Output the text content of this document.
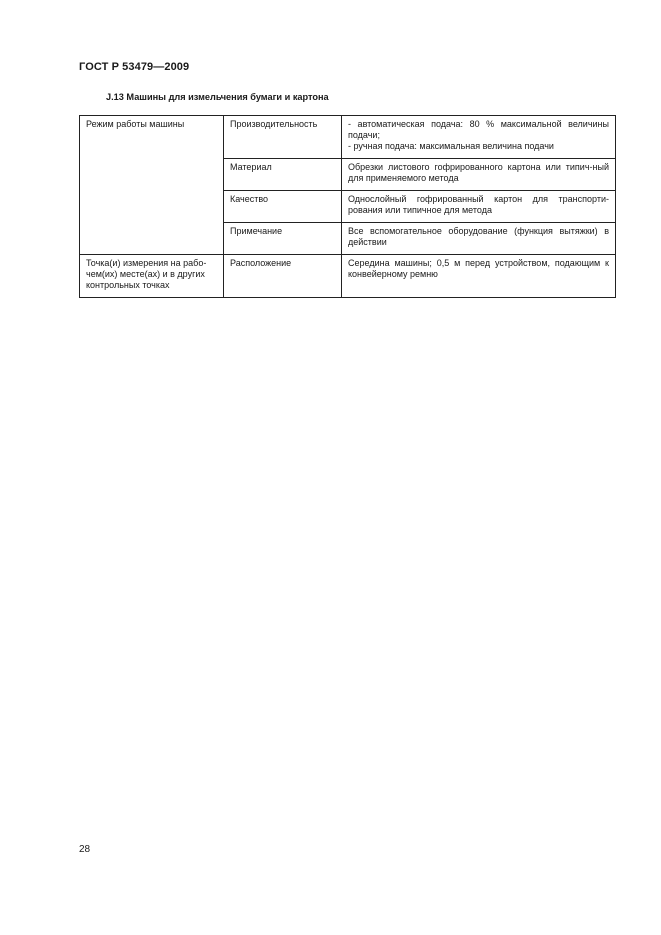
ГОСТ Р 53479—2009
J.13 Машины для измельчения бумаги и картона
Режим работы машины	Производительность	- автоматическая подача: 80 % максимальной величины подачи;
- ручная подача: максимальная величина подачи

	Материал	Обрезки листового гофрированного картона или типич-ный для применяемого метода
	Качество	Однослойный гофрированный картон для транспорти-рования или типичное для метода
	Примечание	Все вспомогательное оборудование (функция вытяжки) в действии
Точка(и) измерения на рабо-чем(их) месте(ах) и в других контрольных точках	Расположение	Середина машины; 0,5 м перед устройством, подающим к конвейерному ремню
28
